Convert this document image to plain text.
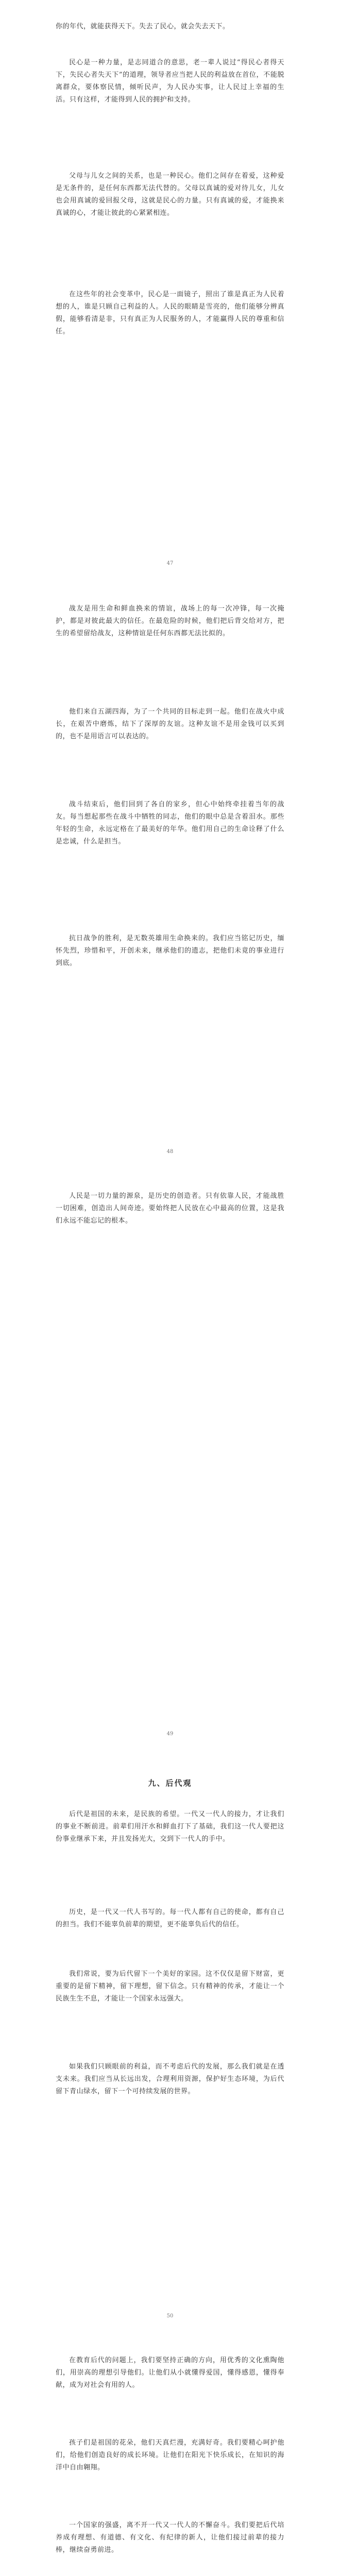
你的年代，就能获得天下。失去了民心，就会失去天下。

民心是一种力量，是志同道合的意思，老一辈人说过“得民心者得天下，失民心者失天下”的道理，领导者应当把人民的利益放在首位，不能脱离群众，要体察民情，倾听民声，为人民办实事，让人民过上幸福的生活。只有这样，才能得到人民的拥护和支持。

父母与儿女之间的关系，也是一种民心。他们之间存在着爱，这种爱是无条件的，是任何东西都无法代替的。父母以真诚的爱对待儿女，儿女也会用真诚的爱回报父母，这就是民心的力量。只有真诚的爱，才能换来真诚的心，才能让彼此的心紧紧相连。

在这些年的社会变革中，民心是一面镜子，照出了谁是真正为人民着想的人，谁是只顾自己利益的人。人民的眼睛是雪亮的，他们能够分辨真假，能够看清是非，只有真正为人民服务的人，才能赢得人民的尊重和信任。

47

战友是用生命和鲜血换来的情谊，战场上的每一次冲锋，每一次掩护，都是对彼此最大的信任。在最危险的时候，他们把后背交给对方，把生的希望留给战友，这种情谊是任何东西都无法比拟的。

他们来自五湖四海，为了一个共同的目标走到一起。他们在战火中成长，在艰苦中磨炼，结下了深厚的友谊。这种友谊不是用金钱可以买到的，也不是用语言可以表达的。

战斗结束后，他们回到了各自的家乡，但心中始终牵挂着当年的战友。每当想起那些在战斗中牺牲的同志，他们的眼中总是含着泪水。那些年轻的生命，永远定格在了最美好的年华。他们用自己的生命诠释了什么是忠诚，什么是担当。

抗日战争的胜利，是无数英雄用生命换来的。我们应当铭记历史，缅怀先烈，珍惜和平，开创未来，继承他们的遗志，把他们未竟的事业进行到底。

48

人民是一切力量的源泉，是历史的创造者。只有依靠人民，才能战胜一切困难，创造出人间奇迹。要始终把人民放在心中最高的位置，这是我们永远不能忘记的根本。

49
九、后代观

后代是祖国的未来，是民族的希望。一代又一代人的接力，才让我们的事业不断前进。前辈们用汗水和鲜血打下了基础，我们这一代人要把这份事业继承下来，并且发扬光大，交到下一代人的手中。

历史，是一代又一代人书写的。每一代人都有自己的使命，都有自己的担当。我们不能辜负前辈的期望，更不能辜负后代的信任。

我们常说，要为后代留下一个美好的家园。这不仅仅是留下财富，更重要的是留下精神，留下理想，留下信念。只有精神的传承，才能让一个民族生生不息，才能让一个国家永远强大。

如果我们只顾眼前的利益，而不考虑后代的发展，那么我们就是在透支未来。我们应当从长远出发，合理利用资源，保护好生态环境，为后代留下青山绿水，留下一个可持续发展的世界。

50

在教育后代的问题上，我们要坚持正确的方向，用优秀的文化熏陶他们，用崇高的理想引导他们。让他们从小就懂得爱国，懂得感恩，懂得奉献，成为对社会有用的人。

孩子们是祖国的花朵，他们天真烂漫，充满好奇。我们要精心呵护他们，给他们创造良好的成长环境。让他们在阳光下快乐成长，在知识的海洋中自由翱翔。

一个国家的强盛，离不开一代又一代人的不懈奋斗。我们要把后代培养成有理想、有道德、有文化、有纪律的新人，让他们接过前辈的接力棒，继续奋勇前进。
